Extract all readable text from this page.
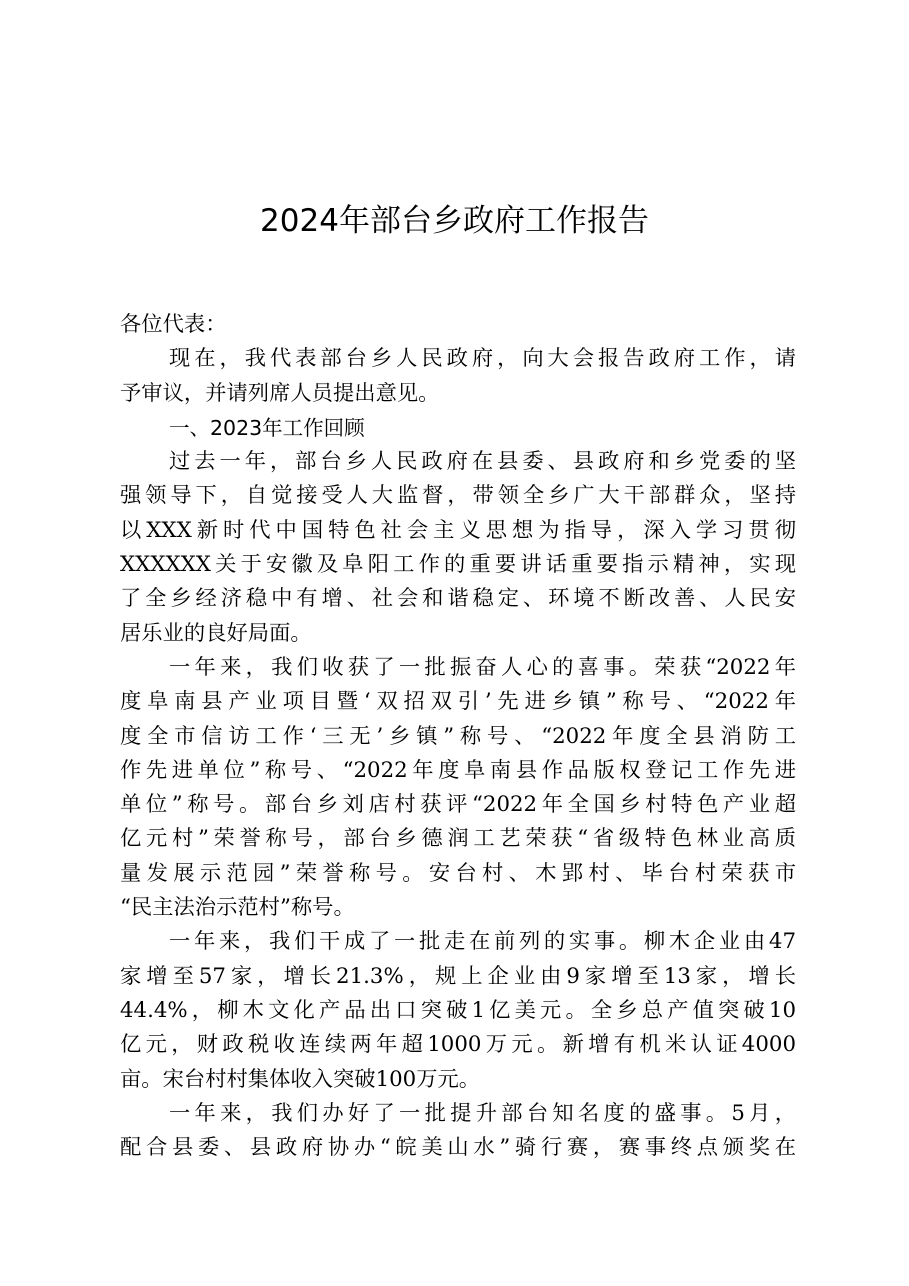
2024年部台乡政府工作报告
各位代表：
现在，我代表部台乡人民政府，向大会报告政府工作，请
予审议，并请列席人员提出意见。
一、2023年工作回顾
过去一年，部台乡人民政府在县委、县政府和乡党委的坚
强领导下，自觉接受人大监督，带领全乡广大干部群众，坚持
以XXX新时代中国特色社会主义思想为指导，深入学习贯彻
XXXXXX关于安徽及阜阳工作的重要讲话重要指示精神，实现
了全乡经济稳中有增、社会和谐稳定、环境不断改善、人民安
居乐业的良好局面。
一年来，我们收获了一批振奋人心的喜事。荣获“2022年
度阜南县产业项目暨‘双招双引’先进乡镇”称号、“2022年
度全市信访工作‘三无’乡镇”称号、“2022年度全县消防工
作先进单位”称号、“2022年度阜南县作品版权登记工作先进
单位”称号。部台乡刘店村获评“2022年全国乡村特色产业超
亿元村”荣誉称号，部台乡德润工艺荣获“省级特色林业高质
量发展示范园”荣誉称号。安台村、木郢村、毕台村荣获市
“民主法治示范村”称号。
一年来，我们干成了一批走在前列的实事。柳木企业由47
家增至57家，增长21.3%，规上企业由9家增至13家，增长
44.4%，柳木文化产品出口突破1亿美元。全乡总产值突破10
亿元，财政税收连续两年超1000万元。新增有机米认证4000
亩。宋台村村集体收入突破100万元。
一年来，我们办好了一批提升部台知名度的盛事。5月，
配合县委、县政府协办“皖美山水”骑行赛，赛事终点颁奖在
